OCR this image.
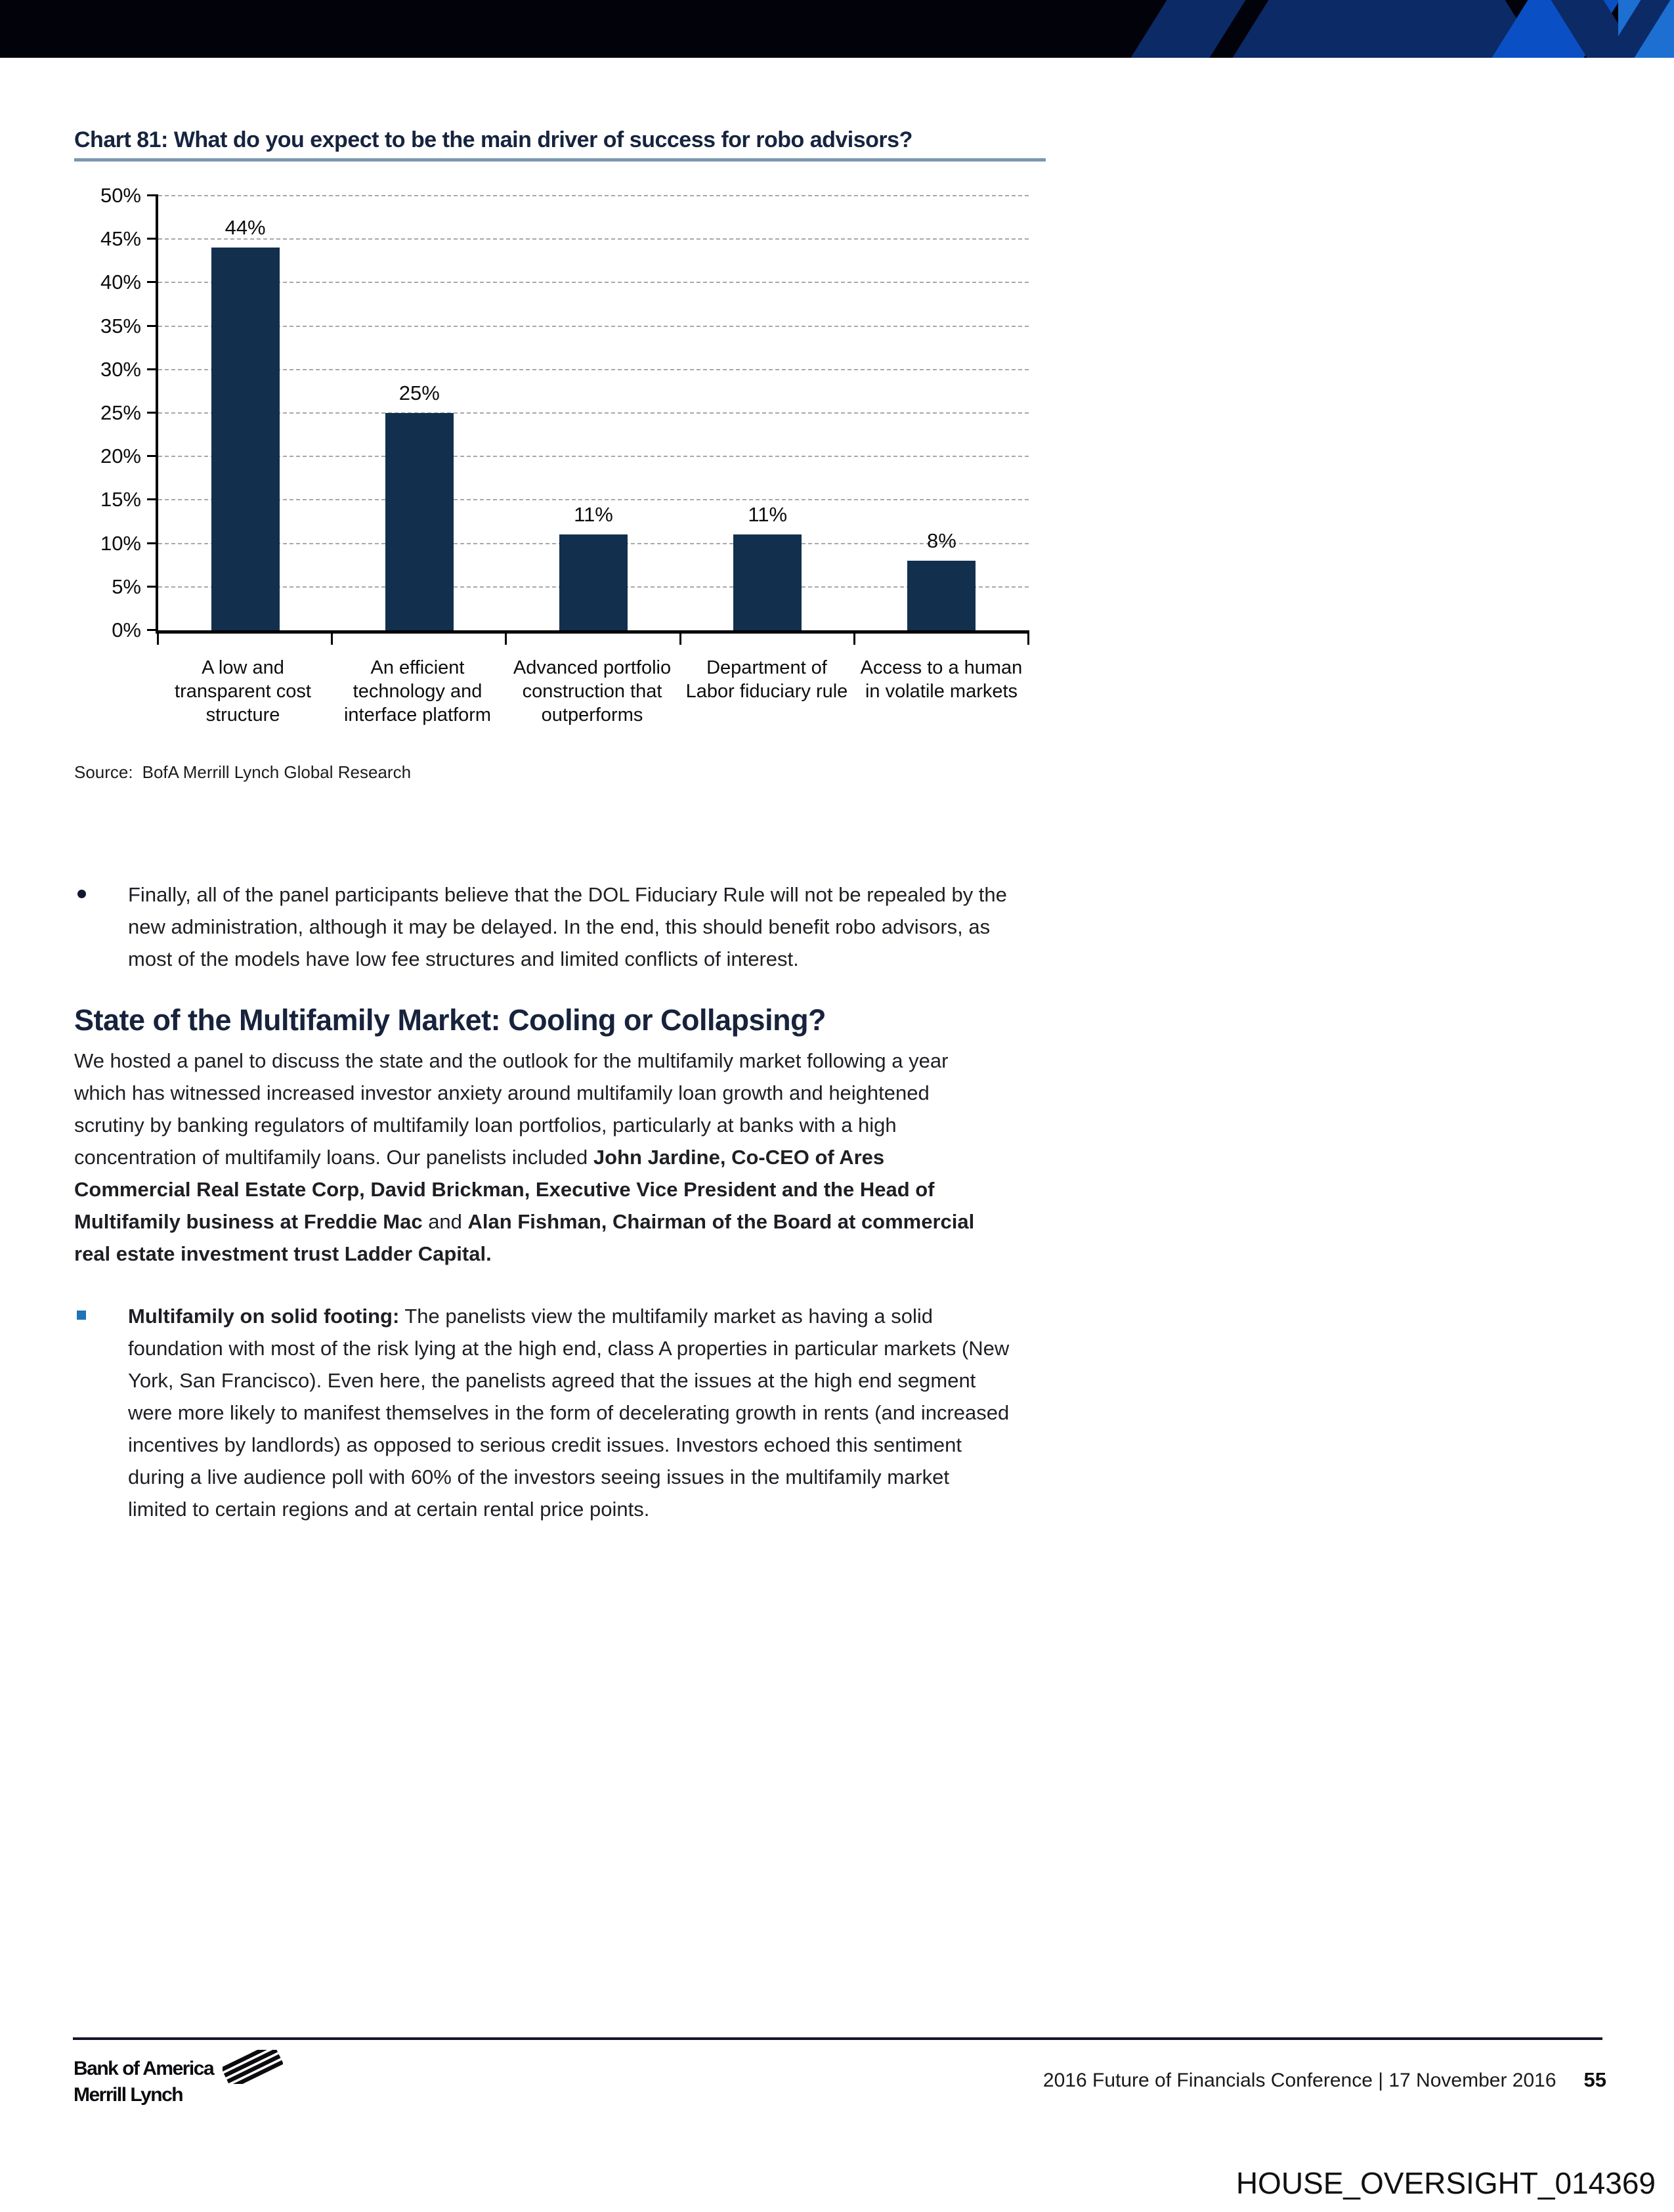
Chart 81: What do you expect to be the main driver of success for robo advisors?
0%
5%
10%
15%
20%
25%
30%
35%
40%
45%
50%
44%
25%
11%	11%
8%
A low and transparent cost structure
An efficient technology and interface platform
Advanced portfolio construction that outperforms
Department of Labor fiduciary rule
Access to a human in volatile markets
Source: BofA Merrill Lynch Global Research
Finally, all of the panel participants believe that the DOL Fiduciary Rule will not be repealed by the new administration, although it may be delayed. In the end, this should benefit robo advisors, as most of the models have low fee structures and limited conflicts of interest.
State of the Multifamily Market: Cooling or Collapsing?

We hosted a panel to discuss the state and the outlook for the multifamily market following a year which has witnessed increased investor anxiety around multifamily loan growth and heightened scrutiny by banking regulators of multifamily loan portfolios, particularly at banks with a high concentration of multifamily loans. Our panelists included John Jardine, Co-CEO of Ares Commercial Real Estate Corp, David Brickman, Executive Vice President and the Head of Multifamily business at Freddie Mac and Alan Fishman, Chairman of the Board at commercial real estate investment trust Ladder Capital.

Multifamily on solid footing: The panelists view the multifamily market as having a solid foundation with most of the risk lying at the high end, class A properties in particular markets (New York, San Francisco). Even here, the panelists agreed that the issues at the high end segment were more likely to manifest themselves in the form of decelerating growth in rents (and increased incentives by landlords) as opposed to serious credit issues. Investors echoed this sentiment during a live audience poll with 60% of the investors seeing issues in the multifamily market limited to certain regions and at certain rental price points.
Bank of America
Merrill Lynch
2016 Future of Financials Conference | 17 November 2016 55
HOUSE_OVERSIGHT_014369
